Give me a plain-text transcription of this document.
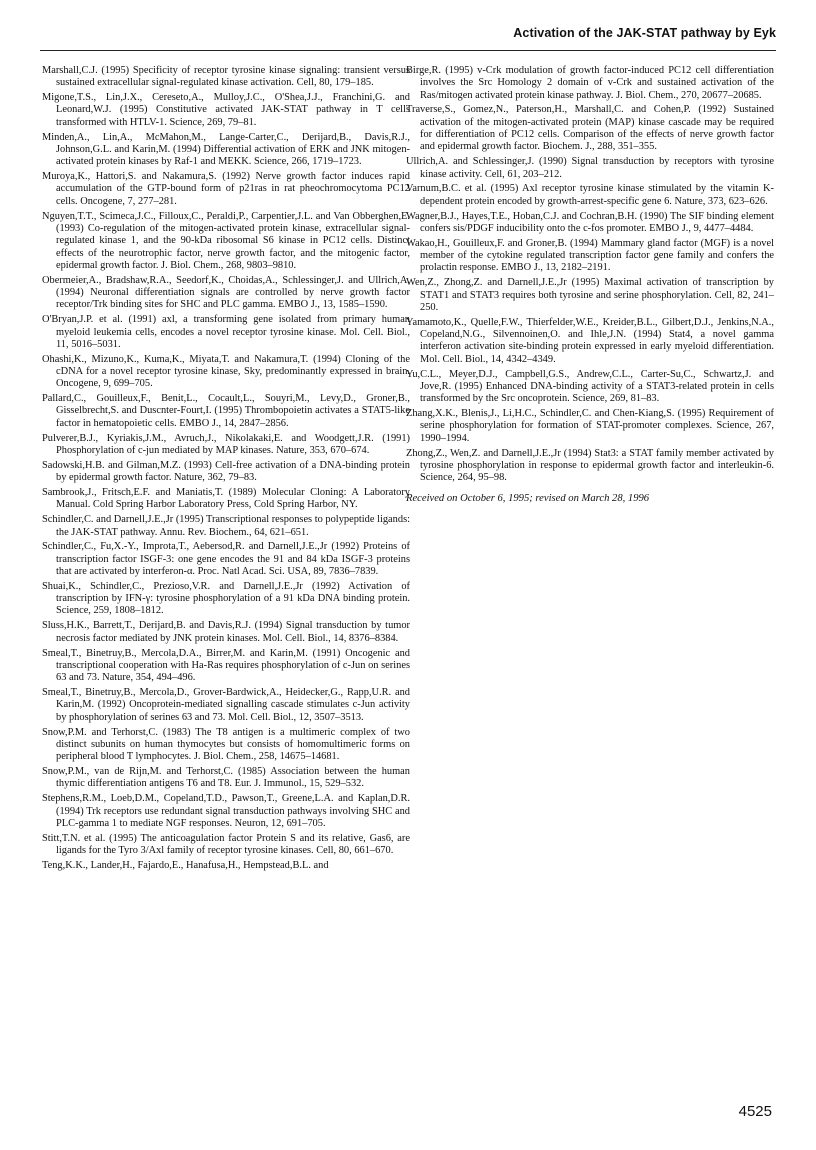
Activation of the JAK-STAT pathway by Eyk

Marshall,C.J. (1995) Specificity of receptor tyrosine kinase signaling: transient versus sustained extracellular signal-regulated kinase activation. Cell, 80, 179–185.

Migone,T.S., Lin,J.X., Cereseto,A., Mulloy,J.C., O'Shea,J.J., Franchini,G. and Leonard,W.J. (1995) Constitutive activated JAK-STAT pathway in T cells transformed with HTLV-1. Science, 269, 79–81.

Minden,A., Lin,A., McMahon,M., Lange-Carter,C., Derijard,B., Davis,R.J., Johnson,G.L. and Karin,M. (1994) Differential activation of ERK and JNK mitogen-activated protein kinases by Raf-1 and MEKK. Science, 266, 1719–1723.

Muroya,K., Hattori,S. and Nakamura,S. (1992) Nerve growth factor induces rapid accumulation of the GTP-bound form of p21ras in rat pheochromocytoma PC12 cells. Oncogene, 7, 277–281.

Nguyen,T.T., Scimeca,J.C., Filloux,C., Peraldi,P., Carpentier,J.L. and Van Obberghen,E. (1993) Co-regulation of the mitogen-activated protein kinase, extracellular signal-regulated kinase 1, and the 90-kDa ribosomal S6 kinase in PC12 cells. Distinct effects of the neurotrophic factor, nerve growth factor, and the mitogenic factor, epidermal growth factor. J. Biol. Chem., 268, 9803–9810.

Obermeier,A., Bradshaw,R.A., Seedorf,K., Choidas,A., Schlessinger,J. and Ullrich,A. (1994) Neuronal differentiation signals are controlled by nerve growth factor receptor/Trk binding sites for SHC and PLC gamma. EMBO J., 13, 1585–1590.

O'Bryan,J.P. et al. (1991) axl, a transforming gene isolated from primary human myeloid leukemia cells, encodes a novel receptor tyrosine kinase. Mol. Cell. Biol., 11, 5016–5031.

Ohashi,K., Mizuno,K., Kuma,K., Miyata,T. and Nakamura,T. (1994) Cloning of the cDNA for a novel receptor tyrosine kinase, Sky, predominantly expressed in brain. Oncogene, 9, 699–705.

Pallard,C., Gouilleux,F., Benit,L., Cocault,L., Souyri,M., Levy,D., Groner,B., Gisselbrecht,S. and Duscnter-Fourt,I. (1995) Thrombopoietin activates a STAT5-like factor in hematopoietic cells. EMBO J., 14, 2847–2856.

Pulverer,B.J., Kyriakis,J.M., Avruch,J., Nikolakaki,E. and Woodgett,J.R. (1991) Phosphorylation of c-jun mediated by MAP kinases. Nature, 353, 670–674.

Sadowski,H.B. and Gilman,M.Z. (1993) Cell-free activation of a DNA-binding protein by epidermal growth factor. Nature, 362, 79–83.

Sambrook,J., Fritsch,E.F. and Maniatis,T. (1989) Molecular Cloning: A Laboratory Manual. Cold Spring Harbor Laboratory Press, Cold Spring Harbor, NY.

Schindler,C. and Darnell,J.E.,Jr (1995) Transcriptional responses to polypeptide ligands: the JAK-STAT pathway. Annu. Rev. Biochem., 64, 621–651.

Schindler,C., Fu,X.-Y., Improta,T., Aebersod,R. and Darnell,J.E.,Jr (1992) Proteins of transcription factor ISGF-3: one gene encodes the 91 and 84 kDa ISGF-3 proteins that are activated by interferon-α. Proc. Natl Acad. Sci. USA, 89, 7836–7839.

Shuai,K., Schindler,C., Prezioso,V.R. and Darnell,J.E.,Jr (1992) Activation of transcription by IFN-γ: tyrosine phosphorylation of a 91 kDa DNA binding protein. Science, 259, 1808–1812.

Sluss,H.K., Barrett,T., Derijard,B. and Davis,R.J. (1994) Signal transduction by tumor necrosis factor mediated by JNK protein kinases. Mol. Cell. Biol., 14, 8376–8384.

Smeal,T., Binetruy,B., Mercola,D.A., Birrer,M. and Karin,M. (1991) Oncogenic and transcriptional cooperation with Ha-Ras requires phosphorylation of c-Jun on serines 63 and 73. Nature, 354, 494–496.

Smeal,T., Binetruy,B., Mercola,D., Grover-Bardwick,A., Heidecker,G., Rapp,U.R. and Karin,M. (1992) Oncoprotein-mediated signalling cascade stimulates c-Jun activity by phosphorylation of serines 63 and 73. Mol. Cell. Biol., 12, 3507–3513.

Snow,P.M. and Terhorst,C. (1983) The T8 antigen is a multimeric complex of two distinct subunits on human thymocytes but consists of homomultimeric forms on peripheral blood T lymphocytes. J. Biol. Chem., 258, 14675–14681.

Snow,P.M., van de Rijn,M. and Terhorst,C. (1985) Association between the human thymic differentiation antigens T6 and T8. Eur. J. Immunol., 15, 529–532.

Stephens,R.M., Loeb,D.M., Copeland,T.D., Pawson,T., Greene,L.A. and Kaplan,D.R. (1994) Trk receptors use redundant signal transduction pathways involving SHC and PLC-gamma 1 to mediate NGF responses. Neuron, 12, 691–705.

Stitt,T.N. et al. (1995) The anticoagulation factor Protein S and its relative, Gas6, are ligands for the Tyro 3/Axl family of receptor tyrosine kinases. Cell, 80, 661–670.

Teng,K.K., Lander,H., Fajardo,E., Hanafusa,H., Hempstead,B.L. and

Birge,R. (1995) v-Crk modulation of growth factor-induced PC12 cell differentiation involves the Src Homology 2 domain of v-Crk and sustained activation of the Ras/mitogen activated protein kinase pathway. J. Biol. Chem., 270, 20677–20685.

Traverse,S., Gomez,N., Paterson,H., Marshall,C. and Cohen,P. (1992) Sustained activation of the mitogen-activated protein (MAP) kinase cascade may be required for differentiation of PC12 cells. Comparison of the effects of nerve growth factor and epidermal growth factor. Biochem. J., 288, 351–355.

Ullrich,A. and Schlessinger,J. (1990) Signal transduction by receptors with tyrosine kinase activity. Cell, 61, 203–212.

Varnum,B.C. et al. (1995) Axl receptor tyrosine kinase stimulated by the vitamin K-dependent protein encoded by growth-arrest-specific gene 6. Nature, 373, 623–626.

Wagner,B.J., Hayes,T.E., Hoban,C.J. and Cochran,B.H. (1990) The SIF binding element confers sis/PDGF inducibility onto the c-fos promoter. EMBO J., 9, 4477–4484.

Wakao,H., Gouilleux,F. and Groner,B. (1994) Mammary gland factor (MGF) is a novel member of the cytokine regulated transcription factor gene family and confers the prolactin response. EMBO J., 13, 2182–2191.

Wen,Z., Zhong,Z. and Darnell,J.E.,Jr (1995) Maximal activation of transcription by STAT1 and STAT3 requires both tyrosine and serine phosphorylation. Cell, 82, 241–250.

Yamamoto,K., Quelle,F.W., Thierfelder,W.E., Kreider,B.L., Gilbert,D.J., Jenkins,N.A., Copeland,N.G., Silvennoinen,O. and Ihle,J.N. (1994) Stat4, a novel gamma interferon activation site-binding protein expressed in early myeloid differentiation. Mol. Cell. Biol., 14, 4342–4349.

Yu,C.L., Meyer,D.J., Campbell,G.S., Andrew,C.L., Carter-Su,C., Schwartz,J. and Jove,R. (1995) Enhanced DNA-binding activity of a STAT3-related protein in cells transformed by the Src oncoprotein. Science, 269, 81–83.

Zhang,X.K., Blenis,J., Li,H.C., Schindler,C. and Chen-Kiang,S. (1995) Requirement of serine phosphorylation for formation of STAT-promoter complexes. Science, 267, 1990–1994.

Zhong,Z., Wen,Z. and Darnell,J.E.,Jr (1994) Stat3: a STAT family member activated by tyrosine phosphorylation in response to epidermal growth factor and interleukin-6. Science, 264, 95–98.

Received on October 6, 1995; revised on March 28, 1996

4525
